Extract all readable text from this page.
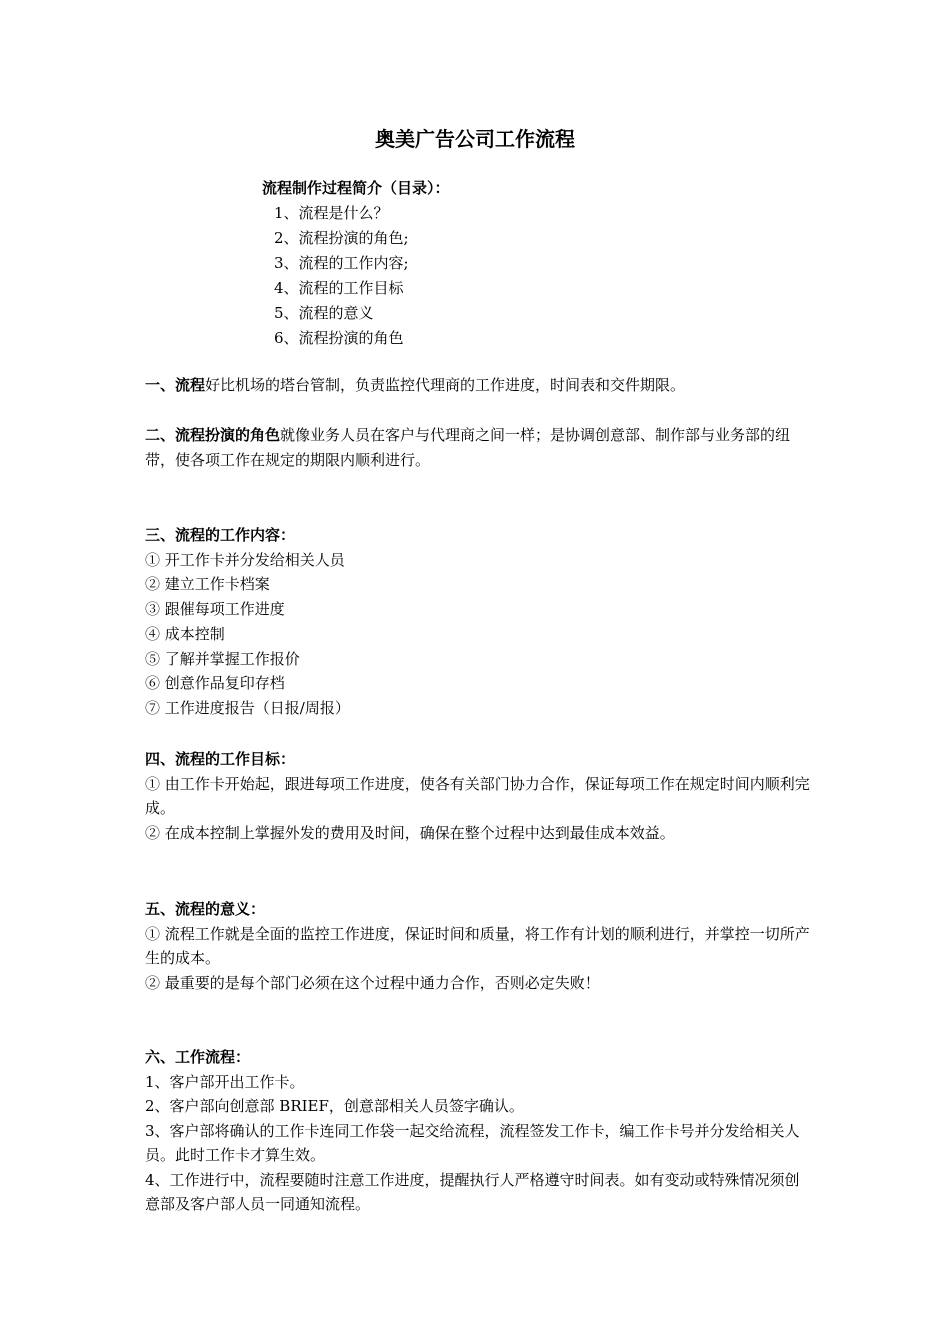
奥美广告公司工作流程
流程制作过程简介（目录）：
1、流程是什么？
2、流程扮演的角色;
3、流程的工作内容;
4、流程的工作目标
5、流程的意义
6、流程扮演的角色

一、流程好比机场的塔台管制，负责监控代理商的工作进度，时间表和交件期限。

二、流程扮演的角色就像业务人员在客户与代理商之间一样；是协调创意部、制作部与业务部的纽带，使各项工作在规定的期限内顺利进行。

三、流程的工作内容：

① 开工作卡并分发给相关人员

② 建立工作卡档案

③ 跟催每项工作进度

④ 成本控制

⑤ 了解并掌握工作报价

⑥ 创意作品复印存档

⑦ 工作进度报告（日报/周报）

四、流程的工作目标：

① 由工作卡开始起，跟进每项工作进度，使各有关部门协力合作，保证每项工作在规定时间内顺利完成。

② 在成本控制上掌握外发的费用及时间，确保在整个过程中达到最佳成本效益。

五、流程的意义：

① 流程工作就是全面的监控工作进度，保证时间和质量，将工作有计划的顺利进行，并掌控一切所产生的成本。

② 最重要的是每个部门必须在这个过程中通力合作，否则必定失败！

六、工作流程：

1、客户部开出工作卡。

2、客户部向创意部 BRIEF，创意部相关人员签字确认。

3、客户部将确认的工作卡连同工作袋一起交给流程，流程签发工作卡，编工作卡号并分发给相关人员。此时工作卡才算生效。

4、工作进行中，流程要随时注意工作进度，提醒执行人严格遵守时间表。如有变动或特殊情况须创意部及客户部人员一同通知流程。
